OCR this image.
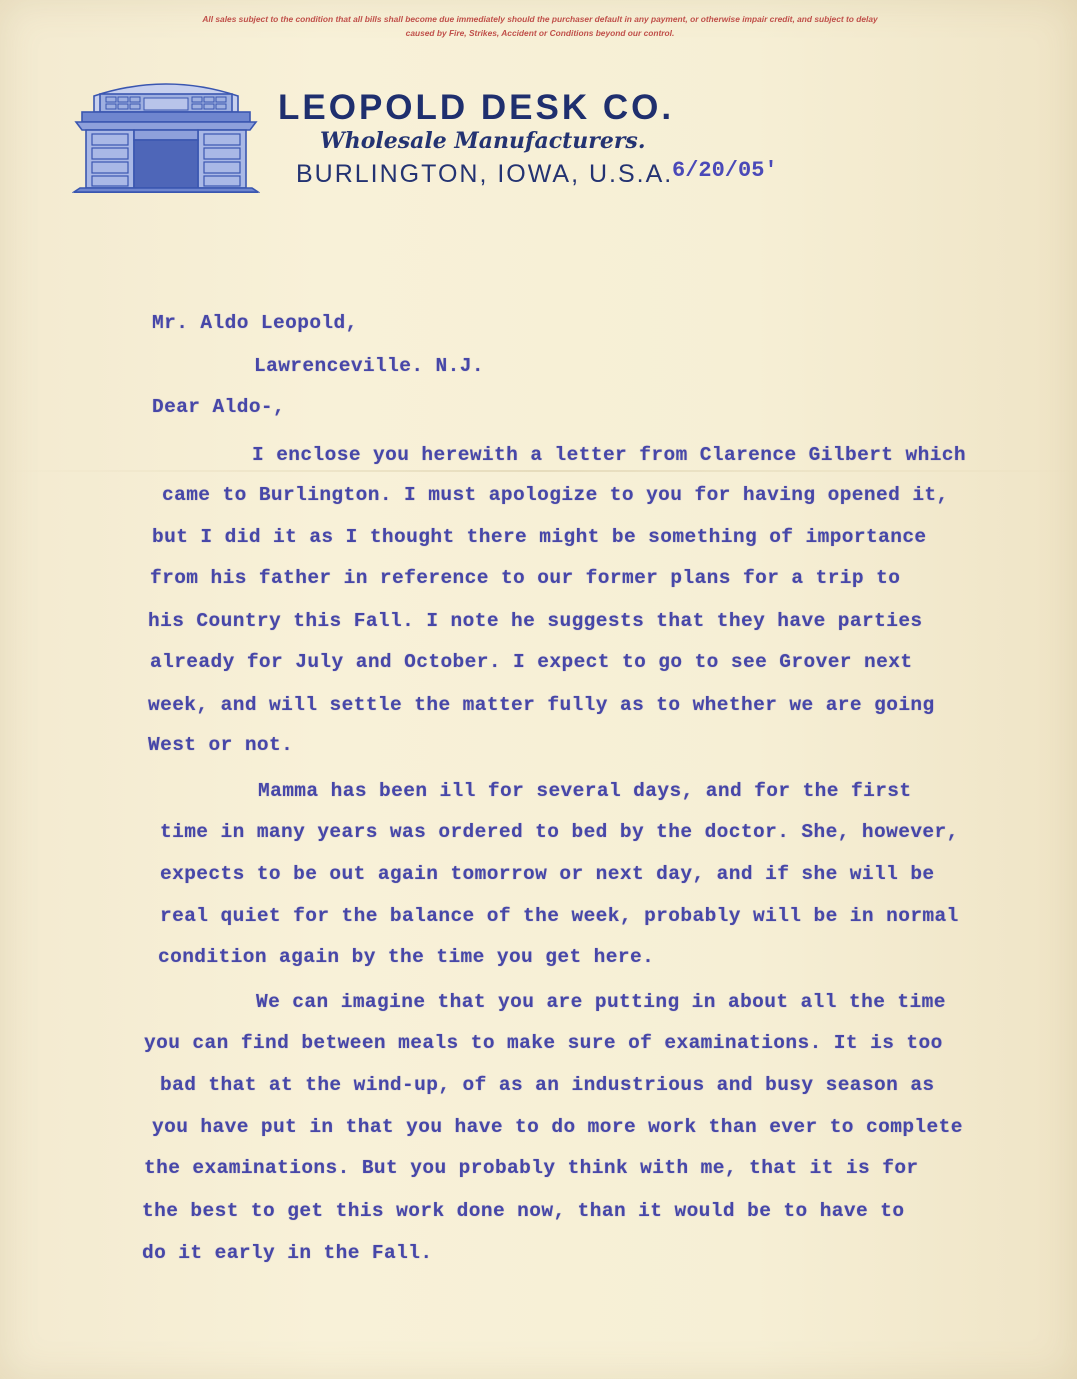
All sales subject to the condition that all bills shall become due immediately should the purchaser default in any payment, or otherwise impair credit, and subject to delay
caused by Fire, Strikes, Accident or Conditions beyond our control.
LEOPOLD DESK CO.
Wholesale Manufacturers.
BURLINGTON, IOWA, U.S.A.
6/20/05'
Mr. Aldo Leopold,
Lawrenceville. N.J.
Dear Aldo-,
I enclose you herewith a letter from Clarence Gilbert which
came to Burlington. I must apologize to you for having opened it,
but I did it as I thought there might be something of importance
from his father in reference to our former plans for a trip to
his Country this Fall. I note he suggests that they have parties
already for July and October. I expect to go to see Grover next
week, and will settle the matter fully as to whether we are going
West or not.
Mamma has been ill for several days, and for the first
time in many years was ordered to bed by the doctor. She, however,
expects to be out again tomorrow or next day, and if she will be
real quiet for the balance of the week, probably will be in normal
condition again by the time you get here.
We can imagine that you are putting in about all the time
you can find between meals to make sure of examinations. It is too
bad that at the wind-up, of as an industrious and busy season as
you have put in that you have to do more work than ever to complete
the examinations. But you probably think with me, that it is for
the best to get this work done now, than it would be to have to
do it early in the Fall.
